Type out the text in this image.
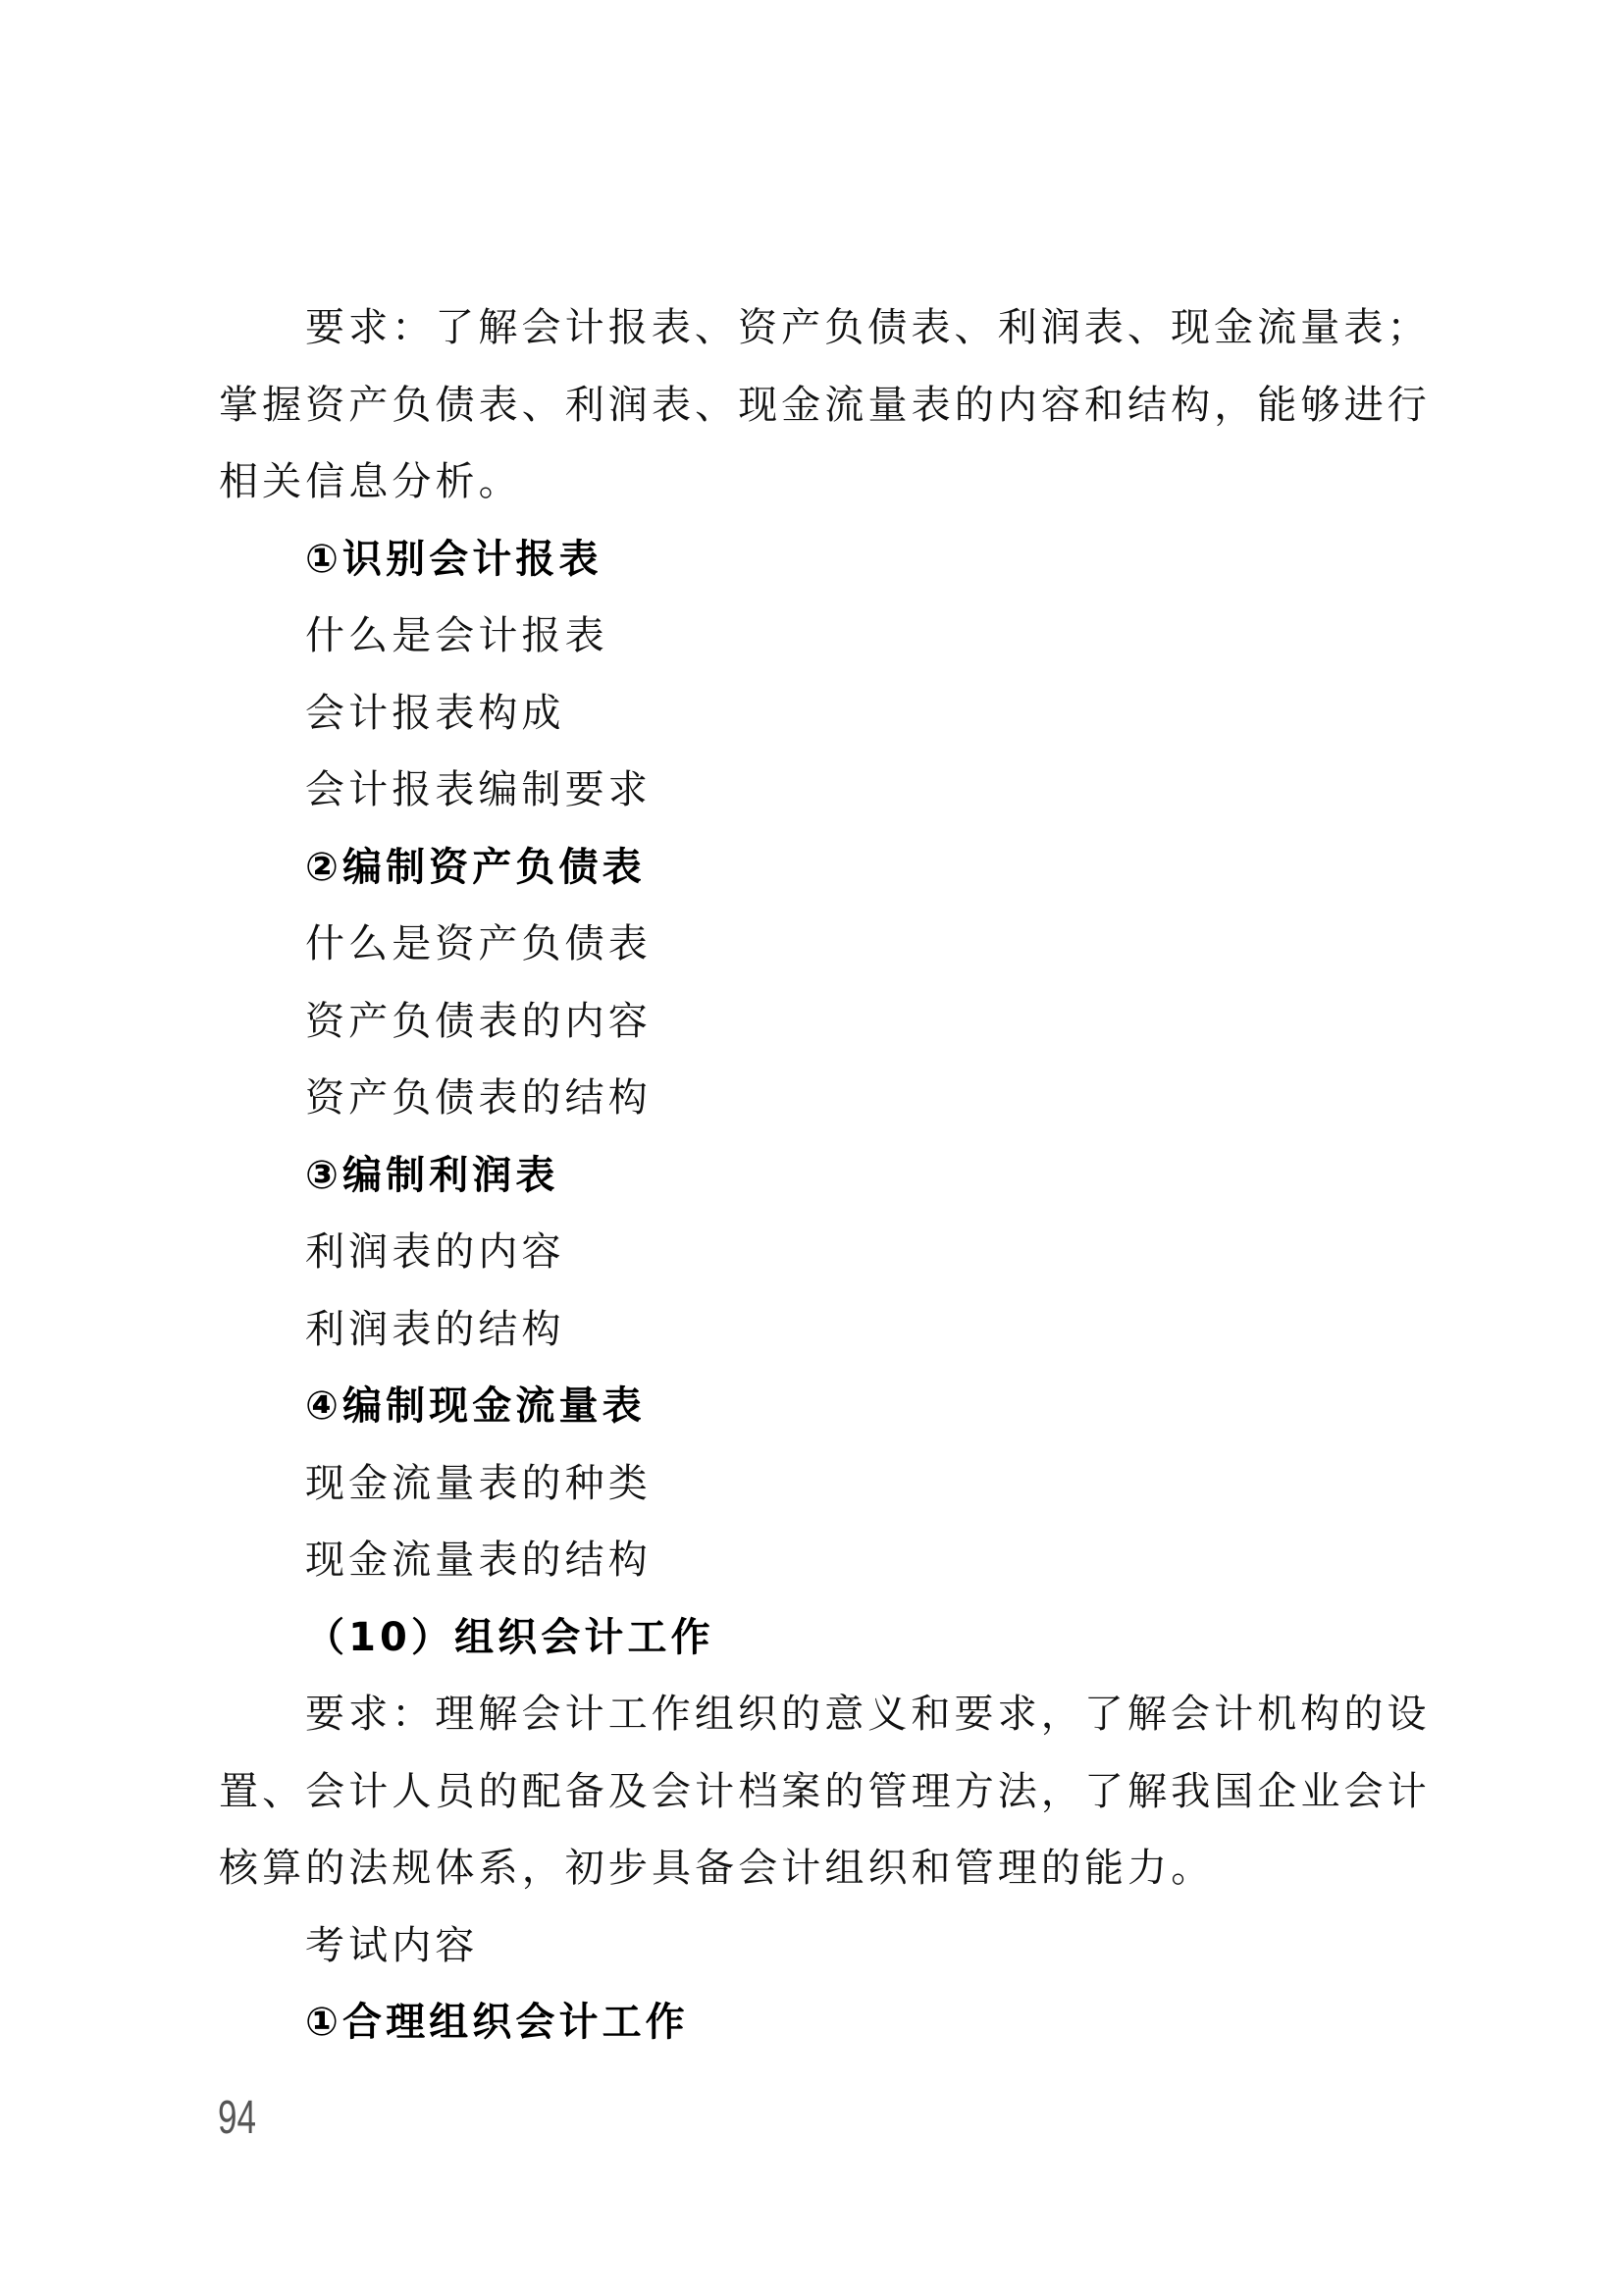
要求：了解会计报表、资产负债表、利润表、现金流量表；
掌握资产负债表、利润表、现金流量表的内容和结构，能够进行
相关信息分析。
①识别会计报表
什么是会计报表
会计报表构成
会计报表编制要求
②编制资产负债表
什么是资产负债表
资产负债表的内容
资产负债表的结构
③编制利润表
利润表的内容
利润表的结构
④编制现金流量表
现金流量表的种类
现金流量表的结构
（10）组织会计工作
要求：理解会计工作组织的意义和要求，了解会计机构的设
置、会计人员的配备及会计档案的管理方法，了解我国企业会计
核算的法规体系，初步具备会计组织和管理的能力。
考试内容
①合理组织会计工作
94
